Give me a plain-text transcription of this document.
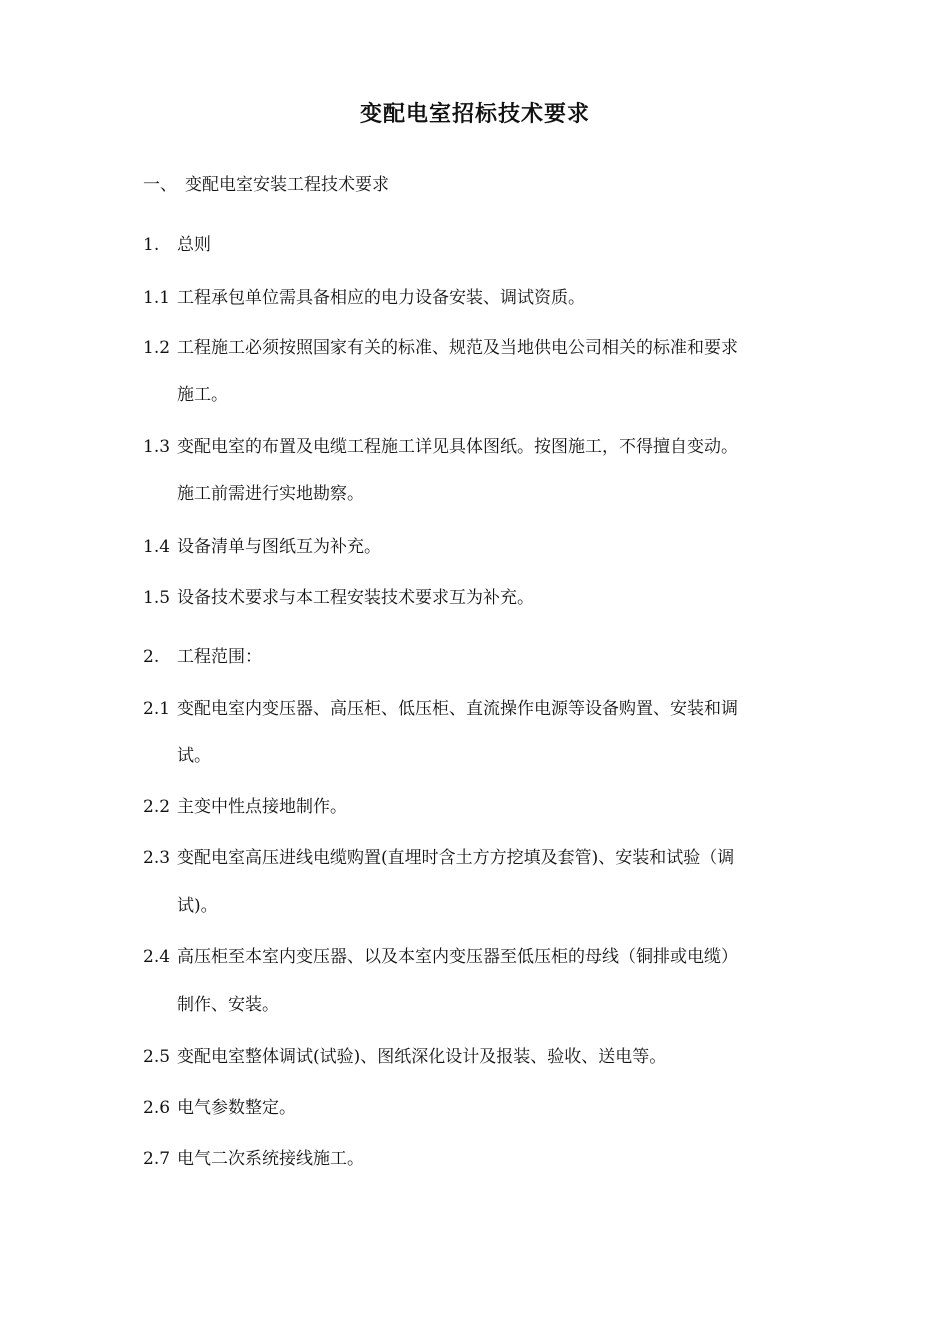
变配电室招标技术要求
一、 变配电室安装工程技术要求
1. 总则
1.1 工程承包单位需具备相应的电力设备安装、调试资质。
1.2 工程施工必须按照国家有关的标准、规范及当地供电公司相关的标准和要求
施工。
1.3 变配电室的布置及电缆工程施工详见具体图纸。按图施工，不得擅自变动。
施工前需进行实地勘察。
1.4 设备清单与图纸互为补充。
1.5 设备技术要求与本工程安装技术要求互为补充。
2. 工程范围：
2.1 变配电室内变压器、高压柜、低压柜、直流操作电源等设备购置、安装和调
试。
2.2 主变中性点接地制作。
2.3 变配电室高压进线电缆购置(直埋时含土方方挖填及套管)、安装和试验（调
试)。
2.4 高压柜至本室内变压器、以及本室内变压器至低压柜的母线（铜排或电缆）
制作、安装。
2.5 变配电室整体调试(试验)、图纸深化设计及报装、验收、送电等。
2.6 电气参数整定。
2.7 电气二次系统接线施工。
